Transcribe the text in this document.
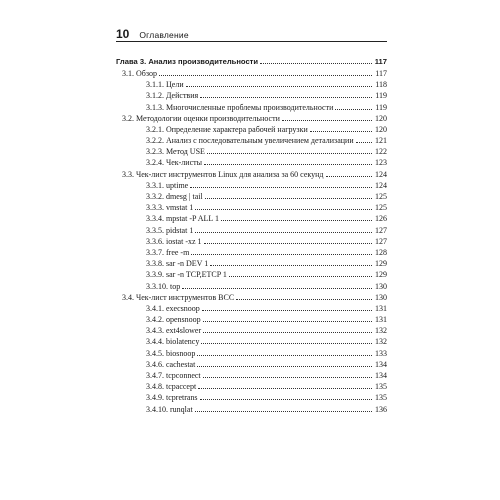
10 Оглавление
Глава 3. Анализ производительности	117
3.1. Обзор	117
3.1.1. Цели	118
3.1.2. Действия	119
3.1.3. Многочисленные проблемы производительности	119
3.2. Методологии оценки производительности	120
3.2.1. Определение характера рабочей нагрузки	120
3.2.2. Анализ с последовательным увеличением детализации	121
3.2.3. Метод USE	122
3.2.4. Чек-листы	123
3.3. Чек-лист инструментов Linux для анализа за 60 секунд	124
3.3.1. uptime	124
3.3.2. dmesg | tail	125
3.3.3. vmstat 1	125
3.3.4. mpstat -P ALL 1	126
3.3.5. pidstat 1	127
3.3.6. iostat -xz 1	127
3.3.7. free -m	128
3.3.8. sar -n DEV 1	129
3.3.9. sar -n TCP,ETCP 1	129
3.3.10. top	130
3.4. Чек-лист инструментов BCC	130
3.4.1. execsnoop	131
3.4.2. opensnoop	131
3.4.3. ext4slower	132
3.4.4. biolatency	132
3.4.5. biosnoop	133
3.4.6. cachestat	134
3.4.7. tcpconnect	134
3.4.8. tcpaccept	135
3.4.9. tcpretrans	135
3.4.10. runqlat	136
